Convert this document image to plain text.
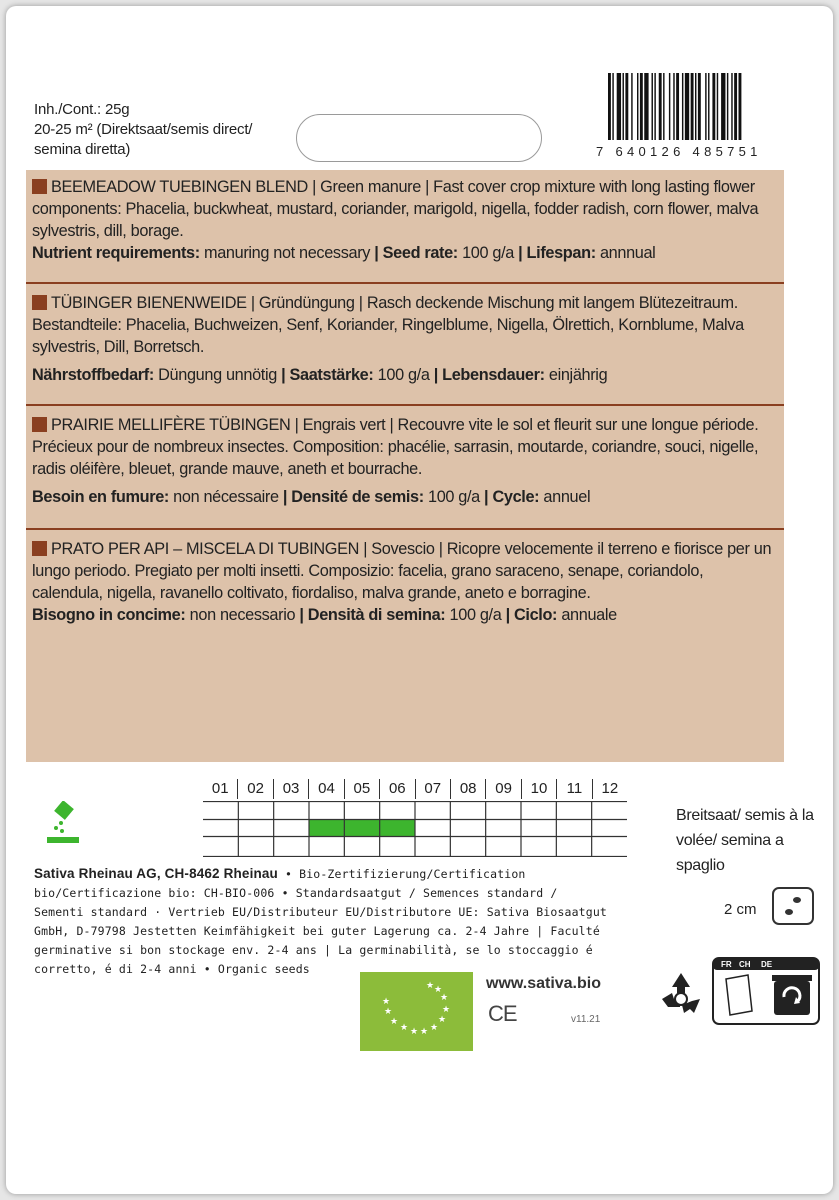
Inh./Cont.: 25g
20-25 m² (Direktsaat/semis direct/
semina diretta)	7 640126 485751
BEEMEADOW TUEBINGEN BLEND | Green manure | Fast cover crop mixture with long lasting flower components: Phacelia, buckwheat, mustard, coriander, marigold, nigella, fodder radish, corn flower, malva sylvestris, dill, borage.
Nutrient requirements: manuring not necessary | Seed rate: 100 g/a | Lifespan: annnual
TÜBINGER BIENENWEIDE | Gründüngung | Rasch deckende Mischung mit langem Blütezeitraum. Bestandteile: Phacelia, Buchweizen, Senf, Koriander, Ringelblume, Nigella, Ölrettich, Kornblume, Malva sylvestris, Dill, Borretsch.

Nährstoffbedarf: Düngung unnötig | Saatstärke: 100 g/a | Lebensdauer: einjährig
PRAIRIE MELLIFÈRE TÜBINGEN | Engrais vert | Recouvre vite le sol et fleurit sur une longue période. Précieux pour de nombreux insectes. Composition: phacélie, sarrasin, moutarde, coriandre, souci, nigelle, radis oléifère, bleuet, grande mauve, aneth et bourrache.

Besoin en fumure: non nécessaire | Densité de semis: 100 g/a | Cycle: annuel
PRATO PER API – MISCELA DI TUBINGEN | Sovescio | Ricopre velocemente il terreno e fiorisce per un lungo periodo. Pregiato per molti insetti. Composizio: facelia, grano saraceno, senape, coriandolo, calendula, nigella, ravanello coltivato, fiordaliso, malva grande, aneto e borragine.
Bisogno in concime: non necessario | Densità di semina: 100 g/a | Ciclo: annuale
01	02	03	04	05	06	07	08	09	10	11	12
Breitsaat/ semis à la volée/ semina a spaglio
2 cm
Sativa Rheinau AG, CH-8462 Rheinau • Bio-Zertifizierung/Certification bio/Certificazione bio: CH-BIO-006 • Standardsaatgut / Semences standard / Sementi standard · Vertrieb EU/Distributeur EU/Distributore UE: Sativa Biosaatgut GmbH, D-79798 Jestetten Keimfähigkeit bei guter Lagerung ca. 2-4 Jahre | Faculté germinative si bon stockage env. 2-4 ans | La germinabilità, se lo stoccaggio é corretto, é di 2-4 anni • Organic seeds
★ ★ ★ ★
★
★
★
★
★
★
★
★
www.sativa.bio
CE	v11.21
FR CH DE
